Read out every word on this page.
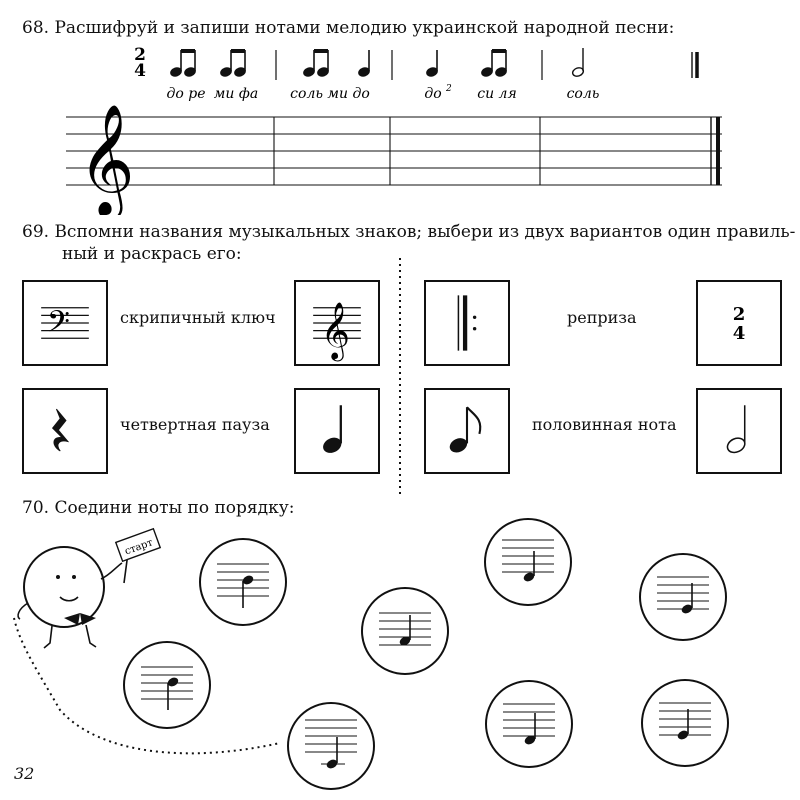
68. Расшифруй и запиши нотами мелодию украинской народной песни:
2
4
до ре ми фа соль ми до	до 2 си ля	соль
𝄞
69. Вспомни названия музыкальных знаков; выбери из двух вариантов один правиль-
ный и раскрась его:
𝄢	скрипичный ключ 𝄞
четвертная пауза
реприза	2
4
половинная нота
70. Соедини ноты по порядку:
старт
32
